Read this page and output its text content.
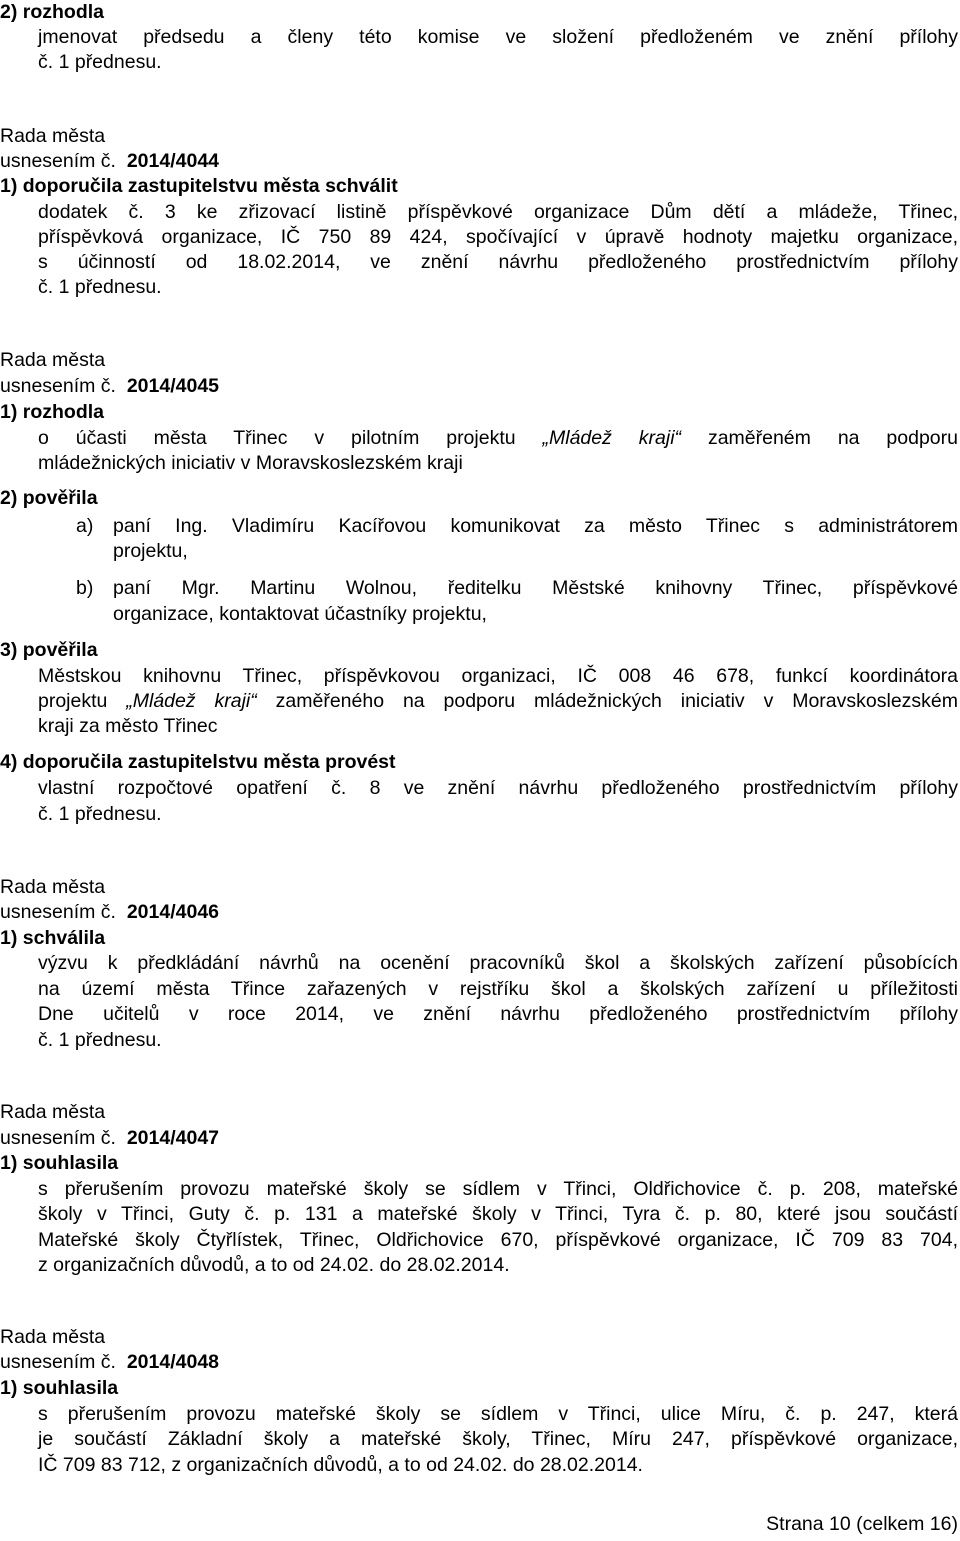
2) rozhodla

jmenovat předsedu a členy této komise ve složení předloženém ve znění přílohy

č. 1 přednesu.

Rada města

usnesením č. 2014/4044

1) doporučila zastupitelstvu města schválit

dodatek č. 3 ke zřizovací listině příspěvkové organizace Dům dětí a mládeže, Třinec,

příspěvková organizace, IČ 750 89 424, spočívající v úpravě hodnoty majetku organizace,

s účinností od 18.02.2014, ve znění návrhu předloženého prostřednictvím přílohy

č. 1 přednesu.

Rada města

usnesením č. 2014/4045

1) rozhodla

o účasti města Třinec v pilotním projektu „Mládež kraji“ zaměřeném na podporu

mládežnických iniciativ v Moravskoslezském kraji

2) pověřila

a)	paní Ing. Vladimíru Kacířovou komunikovat za město Třinec s administrátorem

projektu,

b)	paní Mgr. Martinu Wolnou, ředitelku Městské knihovny Třinec, příspěvkové

organizace, kontaktovat účastníky projektu,

3) pověřila

Městskou knihovnu Třinec, příspěvkovou organizaci, IČ 008 46 678, funkcí koordinátora

projektu „Mládež kraji“ zaměřeného na podporu mládežnických iniciativ v Moravskoslezském

kraji za město Třinec

4) doporučila zastupitelstvu města provést

vlastní rozpočtové opatření č. 8 ve znění návrhu předloženého prostřednictvím přílohy

č. 1 přednesu.

Rada města

usnesením č. 2014/4046

1) schválila

výzvu k předkládání návrhů na ocenění pracovníků škol a školských zařízení působících

na území města Třince zařazených v rejstříku škol a školských zařízení u příležitosti

Dne učitelů v roce 2014, ve znění návrhu předloženého prostřednictvím přílohy

č. 1 přednesu.

Rada města

usnesením č. 2014/4047

1) souhlasila

s přerušením provozu mateřské školy se sídlem v Třinci, Oldřichovice č. p. 208, mateřské

školy v Třinci, Guty č. p. 131 a mateřské školy v Třinci, Tyra č. p. 80, které jsou součástí

Mateřské školy Čtyřlístek, Třinec, Oldřichovice 670, příspěvkové organizace, IČ 709 83 704,

z organizačních důvodů, a to od 24.02. do 28.02.2014.

Rada města

usnesením č. 2014/4048

1) souhlasila

s přerušením provozu mateřské školy se sídlem v Třinci, ulice Míru, č. p. 247, která

je součástí Základní školy a mateřské školy, Třinec, Míru 247, příspěvkové organizace,

IČ 709 83 712, z organizačních důvodů, a to od 24.02. do 28.02.2014.

Strana 10 (celkem 16)
